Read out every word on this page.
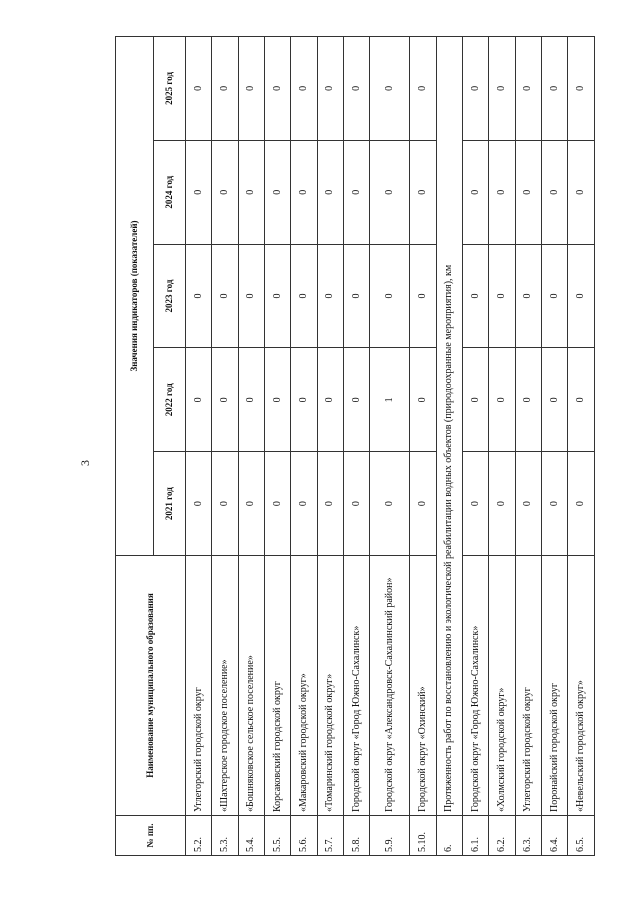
3
№ пп.	Наименование муниципального образования	Значения индикаторов (показателей)				
		2021 год	2022 год	2023 год	2024 год	2025 год
5.2.	Углегорский городской округ	0	0	0	0	0
5.3.	«Шахтерское городское поселение»	0	0	0	0	0
5.4.	«Бошняковское сельское поселение»	0	0	0	0	0
5.5.	Корсаковский городской округ	0	0	0	0	0
5.6.	«Макаровский городской округ»	0	0	0	0	0
5.7.	«Томаринский городской округ»	0	0	0	0	0
5.8.	Городской округ «Город Южно-Сахалинск»	0	0	0	0	0
5.9.	Городской округ «Александровск-Сахалинский район»	0	1	0	0	0
5.10.	Городской округ «Охинский»	0	0	0	0	0
6.	Протяженность работ по восстановлению и экологической реабилитации водных объектов (природоохранные мероприятия), км					
6.1.	Городской округ «Город Южно-Сахалинск»	0	0	0	0	0
6.2.	«Холмский городской округ»	0	0	0	0	0
6.3.	Углегорский городской округ	0	0	0	0	0
6.4.	Поронайский городской округ	0	0	0	0	0
6.5.	«Невельский городской округ»	0	0	0	0	0
